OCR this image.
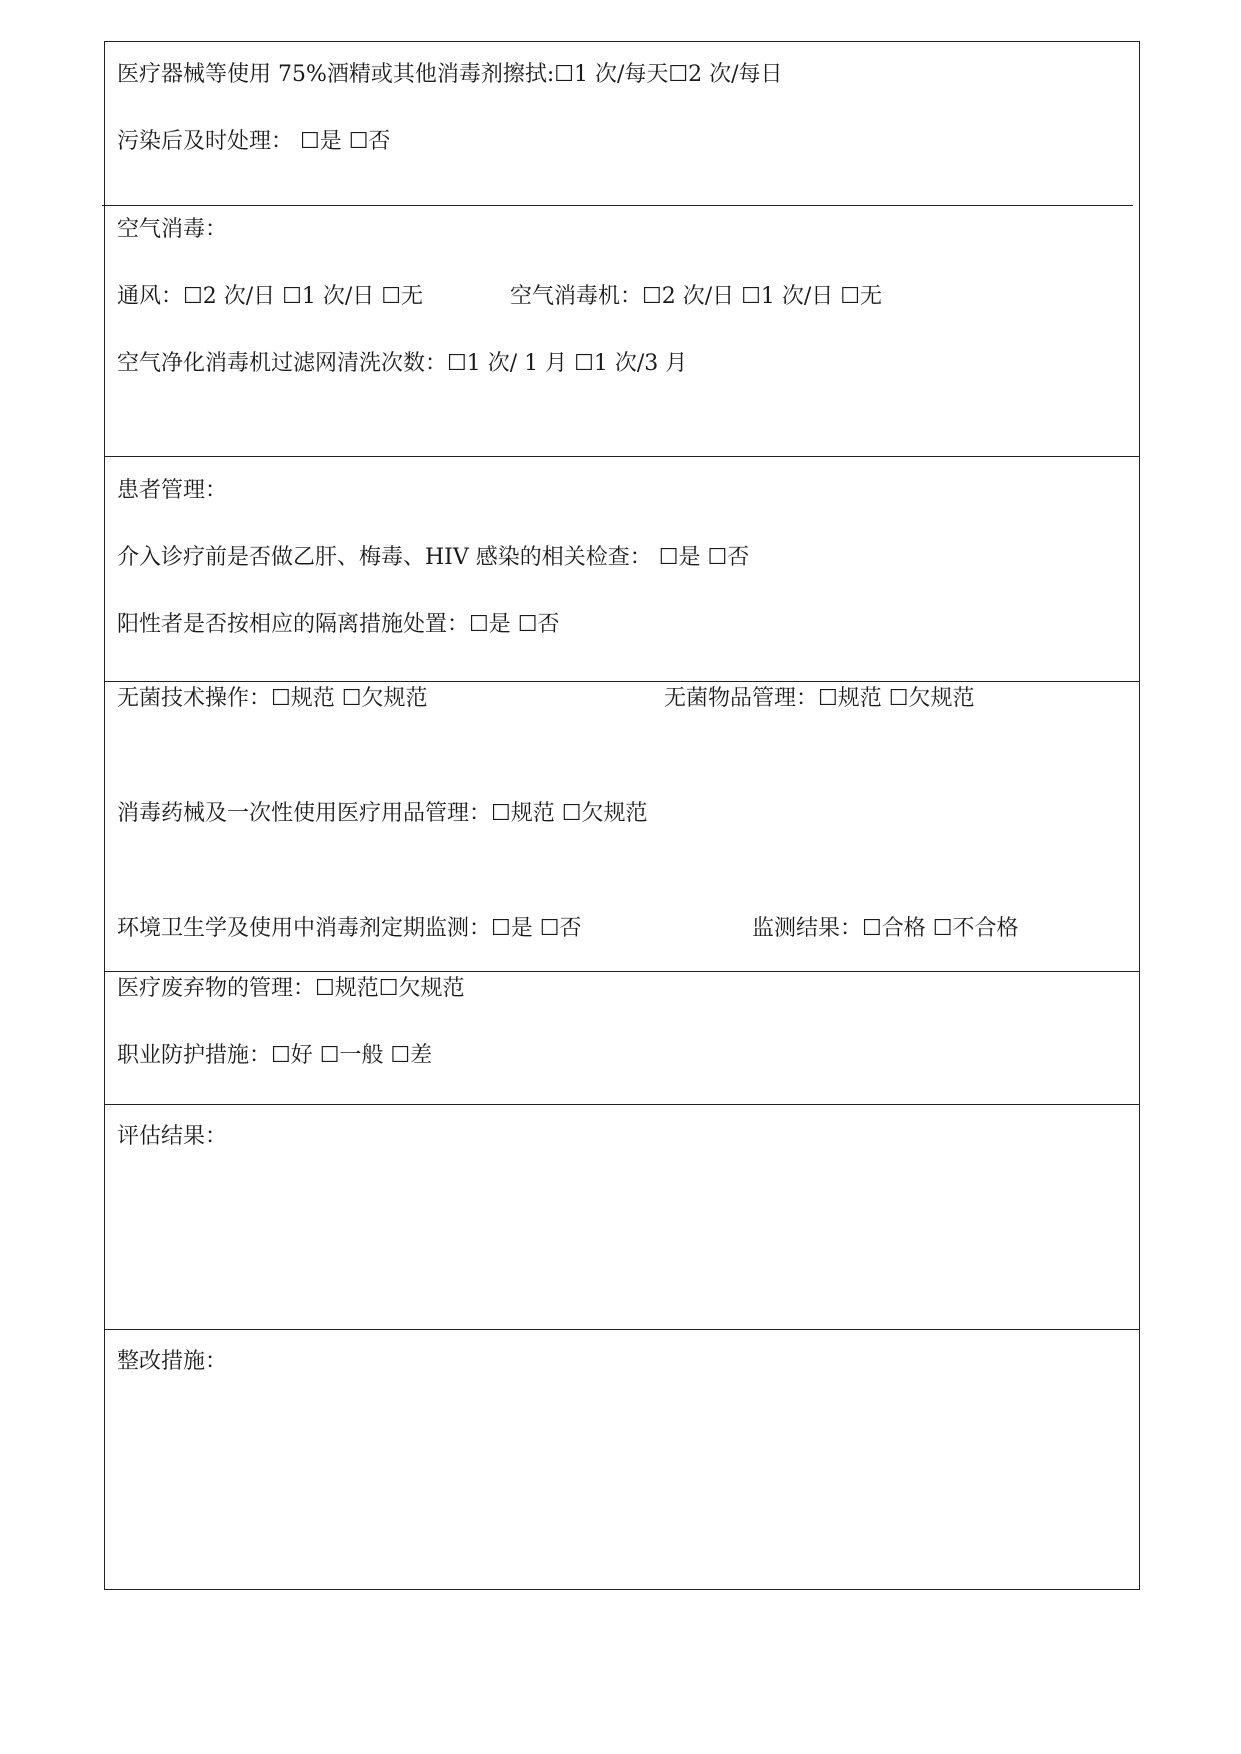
医疗器械等使用 75%酒精或其他消毒剂擦拭:☐1 次/每天☐2 次/每日
污染后及时处理： ☐是 ☐否
空气消毒：
通风：☐2 次/日 ☐1 次/日 ☐无	空气消毒机：☐2 次/日 ☐1 次/日 ☐无
空气净化消毒机过滤网清洗次数：☐1 次/ 1 月 ☐1 次/3 月
患者管理：
介入诊疗前是否做乙肝、梅毒、HIV 感染的相关检查： ☐是 ☐否
阳性者是否按相应的隔离措施处置：☐是 ☐否
无菌技术操作：☐规范 ☐欠规范	无菌物品管理：☐规范 ☐欠规范
消毒药械及一次性使用医疗用品管理：☐规范 ☐欠规范
环境卫生学及使用中消毒剂定期监测：☐是 ☐否	监测结果：☐合格 ☐不合格
医疗废弃物的管理：☐规范☐欠规范
职业防护措施：☐好 ☐一般 ☐差
评估结果：
整改措施：
